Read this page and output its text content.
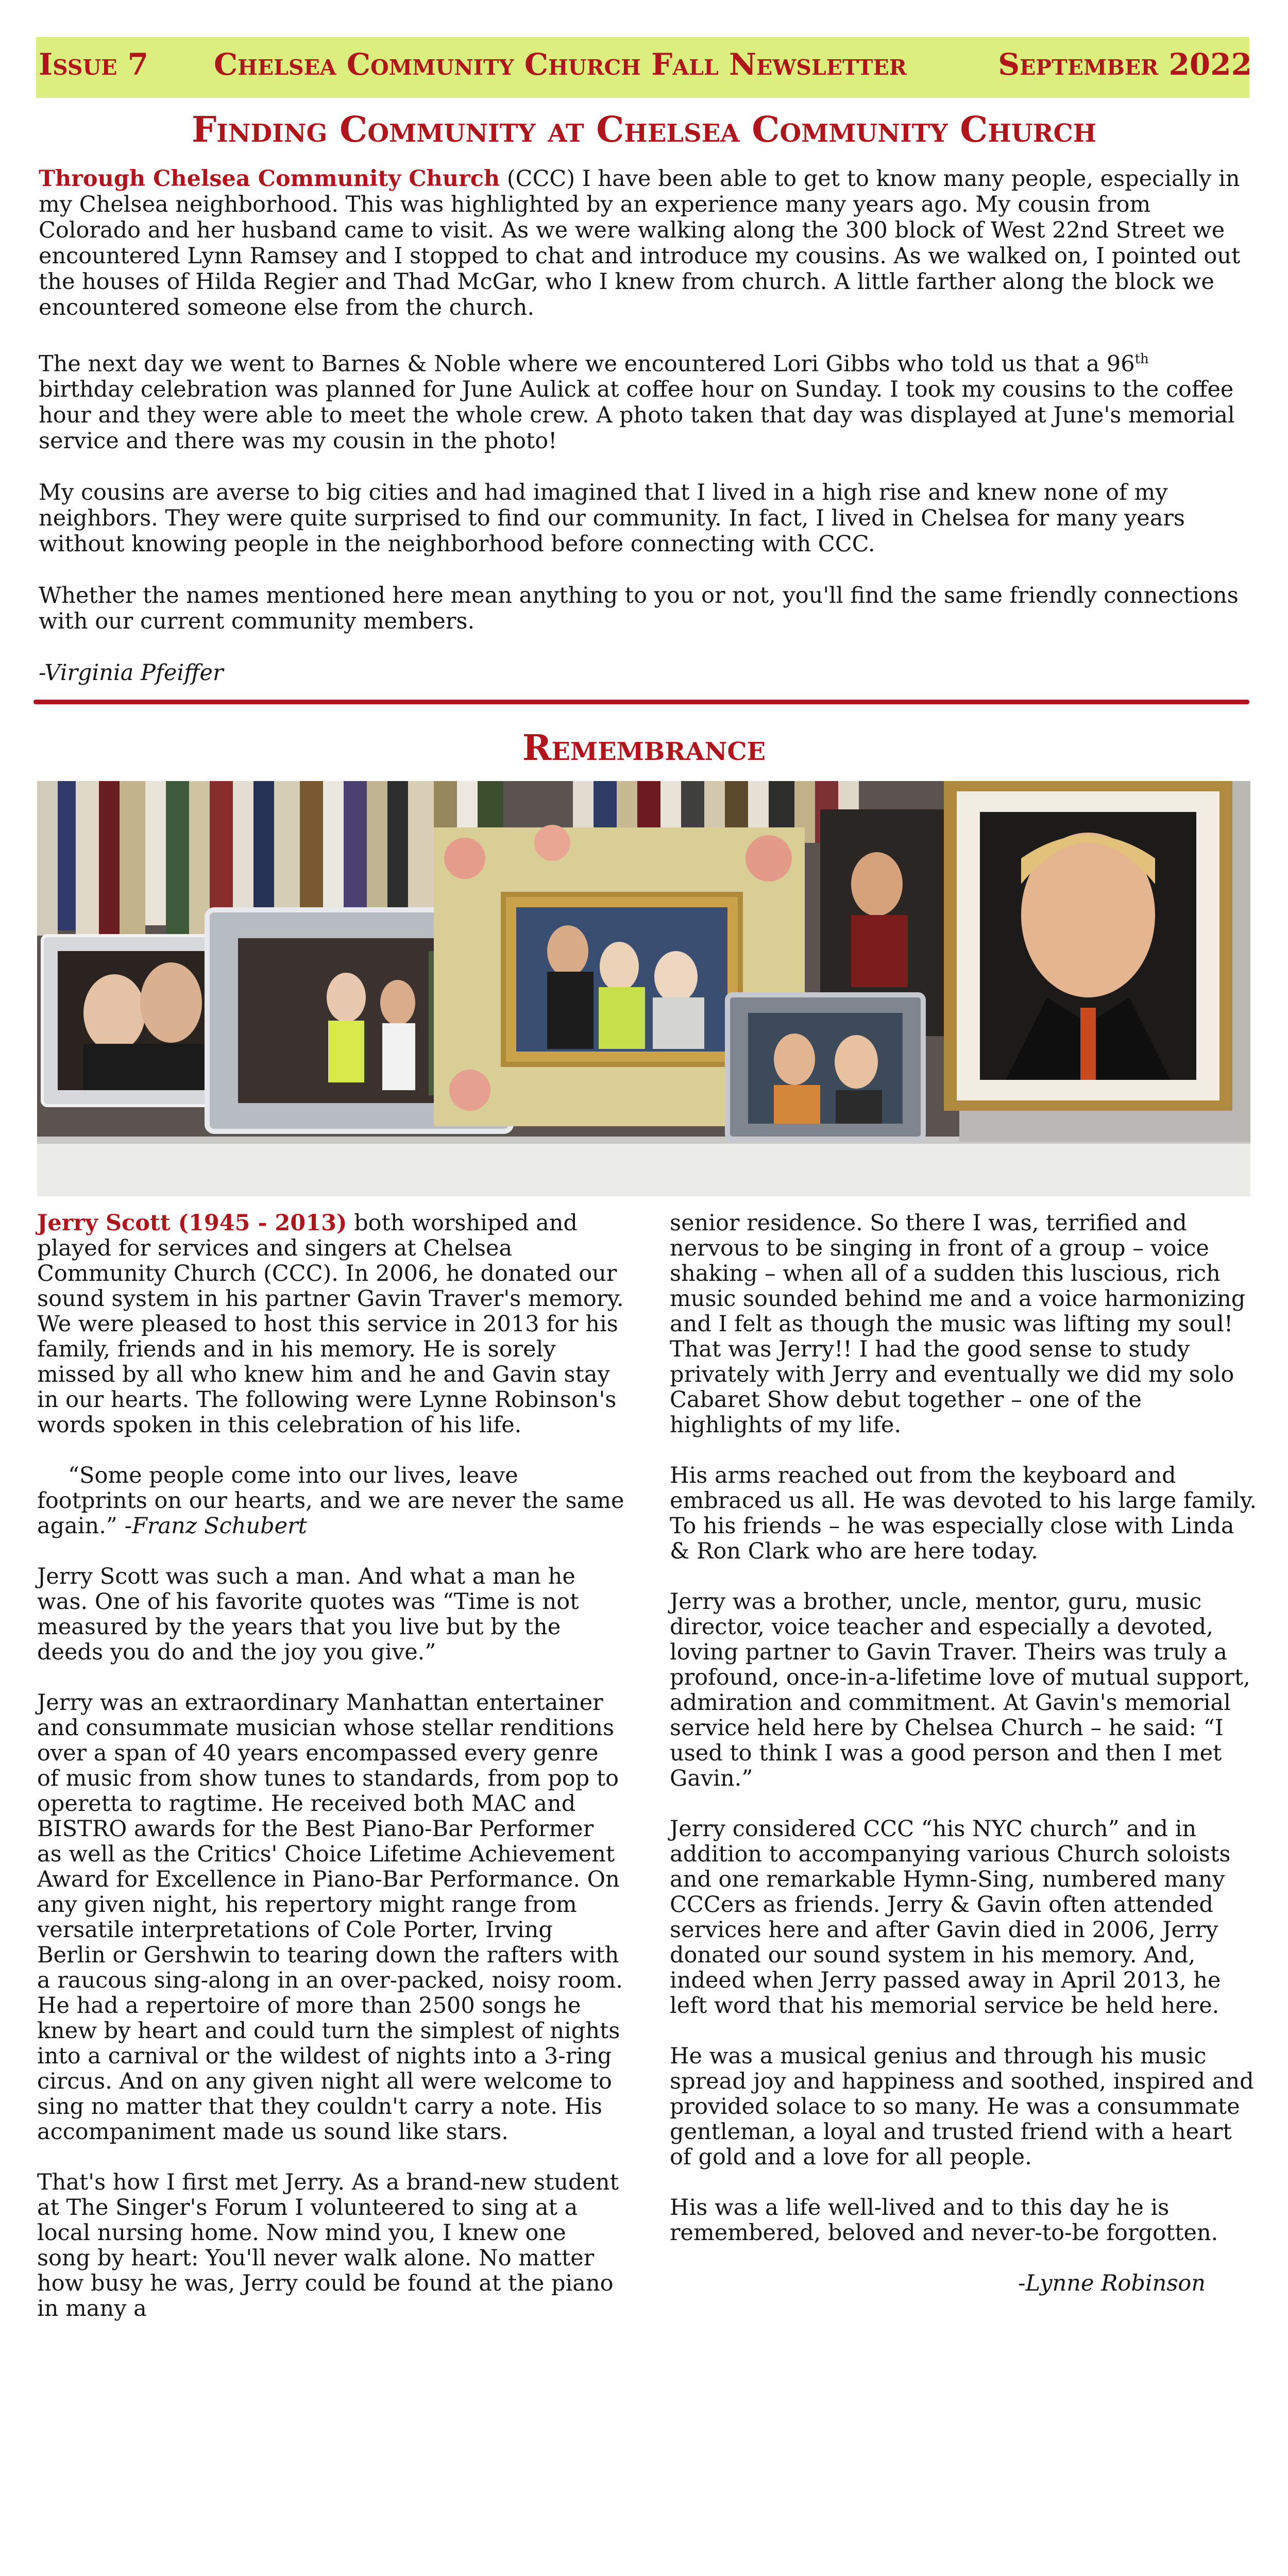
Issue 7 Chelsea Community Church Fall Newsletter	September 2022
Finding Community at Chelsea Community Church

Through Chelsea Community Church (CCC) I have been able to get to know many people, especially in my Chelsea neighborhood. This was highlighted by an experience many years ago. My cousin from Colorado and her husband came to visit. As we were walking along the 300 block of West 22nd Street we encountered Lynn Ramsey and I stopped to chat and introduce my cousins. As we walked on, I pointed out the houses of Hilda Regier and Thad McGar, who I knew from church. A little farther along the block we encountered someone else from the church.

The next day we went to Barnes & Noble where we encountered Lori Gibbs who told us that a 96th birthday celebration was planned for June Aulick at coffee hour on Sunday. I took my cousins to the coffee hour and they were able to meet the whole crew. A photo taken that day was displayed at June's memorial service and there was my cousin in the photo!

My cousins are averse to big cities and had imagined that I lived in a high rise and knew none of my neighbors. They were quite surprised to find our community. In fact, I lived in Chelsea for many years without knowing people in the neighborhood before connecting with CCC.

Whether the names mentioned here mean anything to you or not, you'll find the same friendly connections with our current community members.

-Virginia Pfeiffer

Remembrance

Jerry Scott (1945 - 2013) both worshiped and played for services and singers at Chelsea Community Church (CCC). In 2006, he donated our sound system in his partner Gavin Traver's memory. We were pleased to host this service in 2013 for his family, friends and in his memory. He is sorely missed by all who knew him and he and Gavin stay in our hearts. The following were Lynne Robinson's words spoken in this celebration of his life.

“Some people come into our lives, leave footprints on our hearts, and we are never the same again.” -Franz Schubert

Jerry Scott was such a man. And what a man he was. One of his favorite quotes was “Time is not measured by the years that you live but by the deeds you do and the joy you give.”

Jerry was an extraordinary Manhattan entertainer and consummate musician whose stellar renditions over a span of 40 years encompassed every genre of music from show tunes to standards, from pop to operetta to ragtime. He received both MAC and BISTRO awards for the Best Piano-Bar Performer as well as the Critics' Choice Lifetime Achievement Award for Excellence in Piano-Bar Performance. On any given night, his repertory might range from versatile interpretations of Cole Porter, Irving Berlin or Gershwin to tearing down the rafters with a raucous sing-along in an over-packed, noisy room. He had a repertoire of more than 2500 songs he knew by heart and could turn the simplest of nights into a carnival or the wildest of nights into a 3-ring circus. And on any given night all were welcome to sing no matter that they couldn't carry a note. His accompaniment made us sound like stars.

That's how I first met Jerry. As a brand-new student at The Singer's Forum I volunteered to sing at a local nursing home. Now mind you, I knew one song by heart: You'll never walk alone. No matter how busy he was, Jerry could be found at the piano in many a

senior residence. So there I was, terrified and nervous to be singing in front of a group – voice shaking – when all of a sudden this luscious, rich music sounded behind me and a voice harmonizing and I felt as though the music was lifting my soul! That was Jerry!! I had the good sense to study privately with Jerry and eventually we did my solo Cabaret Show debut together – one of the highlights of my life.

His arms reached out from the keyboard and embraced us all. He was devoted to his large family. To his friends – he was especially close with Linda & Ron Clark who are here today.

Jerry was a brother, uncle, mentor, guru, music director, voice teacher and especially a devoted, loving partner to Gavin Traver. Theirs was truly a profound, once-in-a-lifetime love of mutual support, admiration and commitment. At Gavin's memorial service held here by Chelsea Church – he said: “I used to think I was a good person and then I met Gavin.”

Jerry considered CCC “his NYC church” and in addition to accompanying various Church soloists and one remarkable Hymn-Sing, numbered many CCCers as friends. Jerry & Gavin often attended services here and after Gavin died in 2006, Jerry donated our sound system in his memory. And, indeed when Jerry passed away in April 2013, he left word that his memorial service be held here.

He was a musical genius and through his music spread joy and happiness and soothed, inspired and provided solace to so many. He was a consummate gentleman, a loyal and trusted friend with a heart of gold and a love for all people.

His was a life well-lived and to this day he is remembered, beloved and never-to-be forgotten.

-Lynne Robinson
